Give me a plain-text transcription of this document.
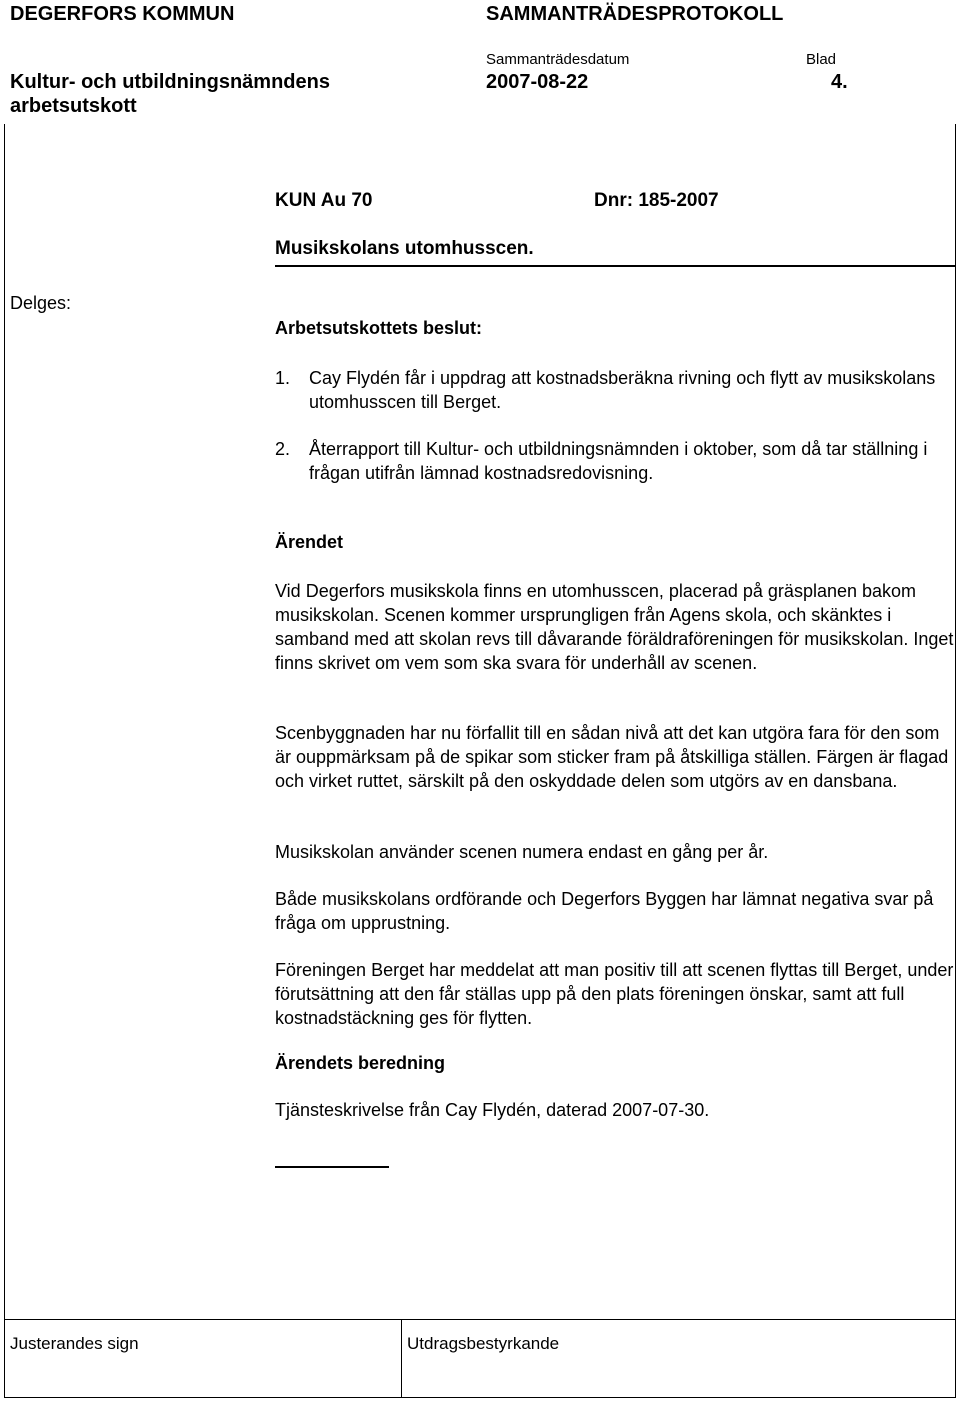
DEGERFORS KOMMUN	SAMMANTRÄDESPROTOKOLL
Sammanträdesdatum	Blad
Kultur- och utbildningsnämndens	2007-08-22	4.
arbetsutskott
KUN Au 70	Dnr: 185-2007
Musikskolans utomhusscen.
Delges:
Arbetsutskottets beslut:
1. Cay Flydén får i uppdrag att kostnadsberäkna rivning och flytt av musikskolans utomhusscen till Berget.
2. Återrapport till Kultur- och utbildningsnämnden i oktober, som då tar ställning i frågan utifrån lämnad kostnadsredovisning.
Ärendet
Vid Degerfors musikskola finns en utomhusscen, placerad på gräsplanen bakom musikskolan. Scenen kommer ursprungligen från Agens skola, och skänktes i samband med att skolan revs till dåvarande föräldraföreningen för musikskolan. Inget finns skrivet om vem som ska svara för underhåll av scenen.
Scenbyggnaden har nu förfallit till en sådan nivå att det kan utgöra fara för den som är ouppmärksam på de spikar som sticker fram på åtskilliga ställen. Färgen är flagad och virket ruttet, särskilt på den oskyddade delen som utgörs av en dansbana.
Musikskolan använder scenen numera endast en gång per år.
Både musikskolans ordförande och Degerfors Byggen har lämnat negativa svar på fråga om upprustning.
Föreningen Berget har meddelat att man positiv till att scenen flyttas till Berget, under förutsättning att den får ställas upp på den plats föreningen önskar, samt att full kostnadstäckning ges för flytten.
Ärendets beredning
Tjänsteskrivelse från Cay Flydén, daterad 2007-07-30.
Justerandes sign	Utdragsbestyrkande
